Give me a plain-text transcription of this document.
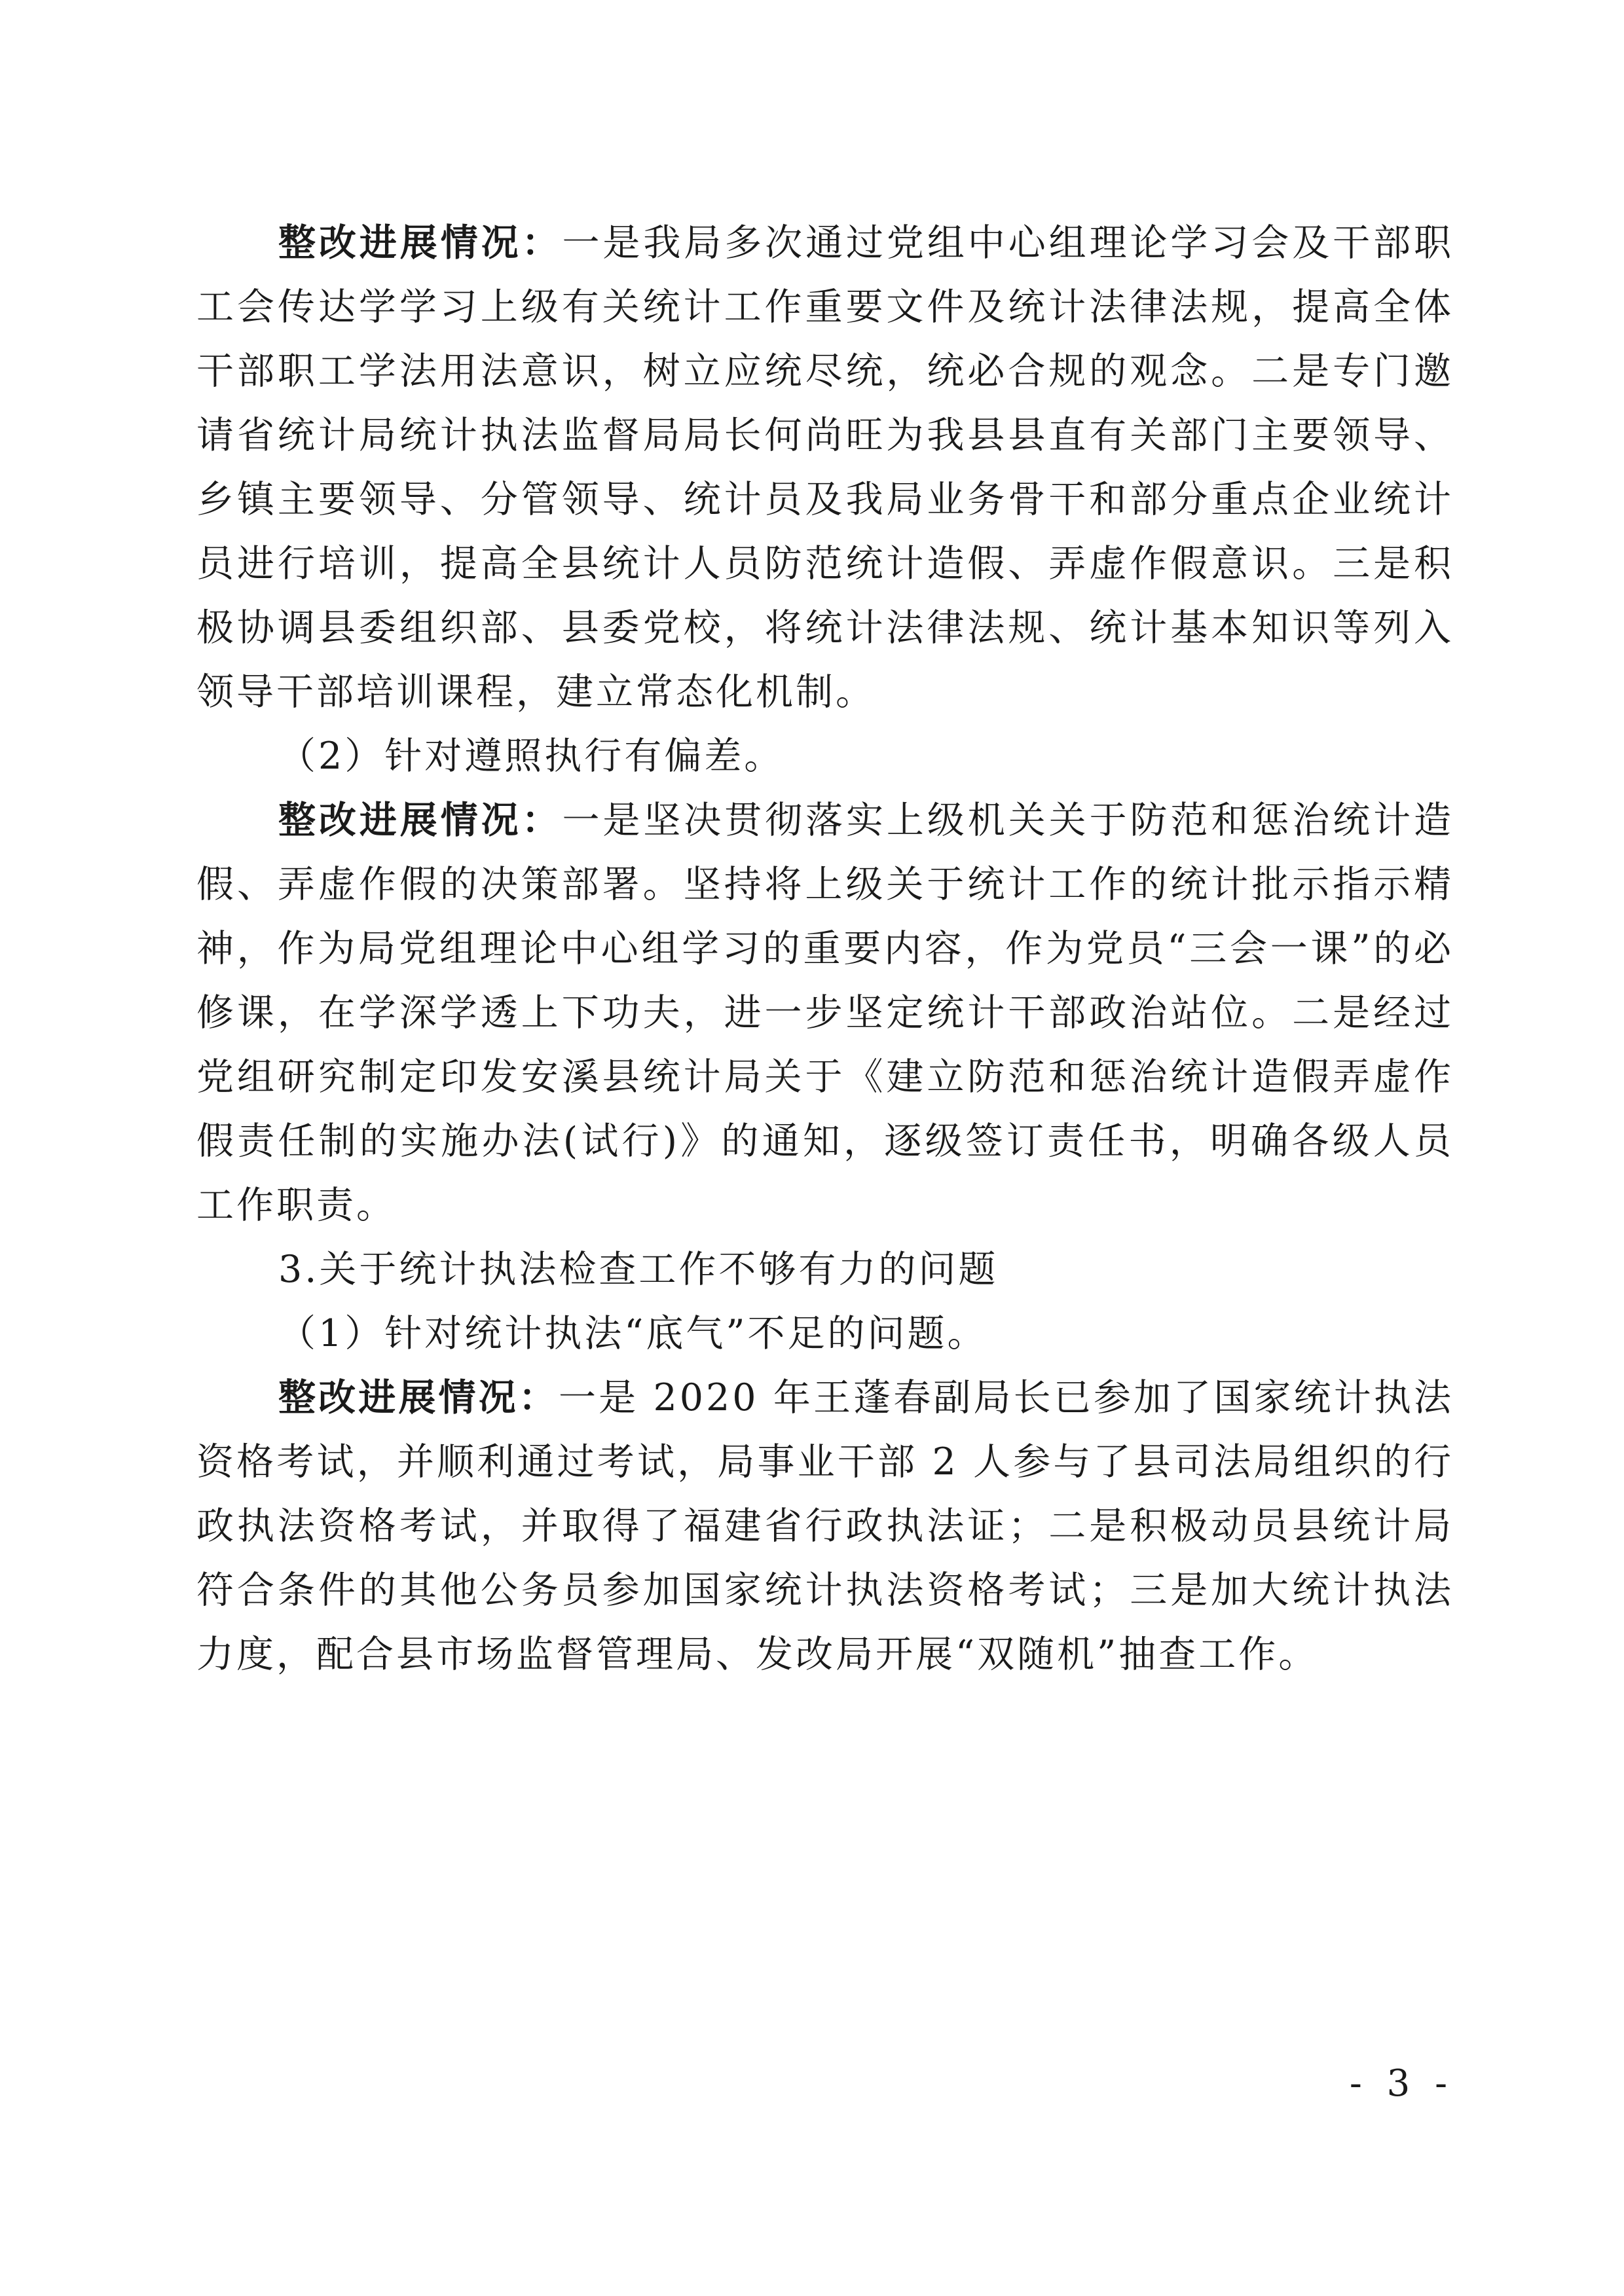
整改进展情况：一是我局多次通过党组中心组理论学习会及干部职工会传达学学习上级有关统计工作重要文件及统计法律法规，提高全体干部职工学法用法意识，树立应统尽统，统必合规的观念。二是专门邀请省统计局统计执法监督局局长何尚旺为我县县直有关部门主要领导、乡镇主要领导、分管领导、统计员及我局业务骨干和部分重点企业统计员进行培训，提高全县统计人员防范统计造假、弄虚作假意识。三是积极协调县委组织部、县委党校，将统计法律法规、统计基本知识等列入领导干部培训课程，建立常态化机制。

（2）针对遵照执行有偏差。

整改进展情况：一是坚决贯彻落实上级机关关于防范和惩治统计造假、弄虚作假的决策部署。坚持将上级关于统计工作的统计批示指示精神，作为局党组理论中心组学习的重要内容，作为党员“三会一课”的必修课，在学深学透上下功夫，进一步坚定统计干部政治站位。二是经过党组研究制定印发安溪县统计局关于《建立防范和惩治统计造假弄虚作假责任制的实施办法(试行)》的通知，逐级签订责任书，明确各级人员工作职责。

3.关于统计执法检查工作不够有力的问题

（1）针对统计执法“底气”不足的问题。

整改进展情况：一是 2020 年王蓬春副局长已参加了国家统计执法资格考试，并顺利通过考试，局事业干部 2 人参与了县司法局组织的行政执法资格考试，并取得了福建省行政执法证；二是积极动员县统计局符合条件的其他公务员参加国家统计执法资格考试；三是加大统计执法力度，配合县市场监督管理局、发改局开展“双随机”抽查工作。

- 3 -
